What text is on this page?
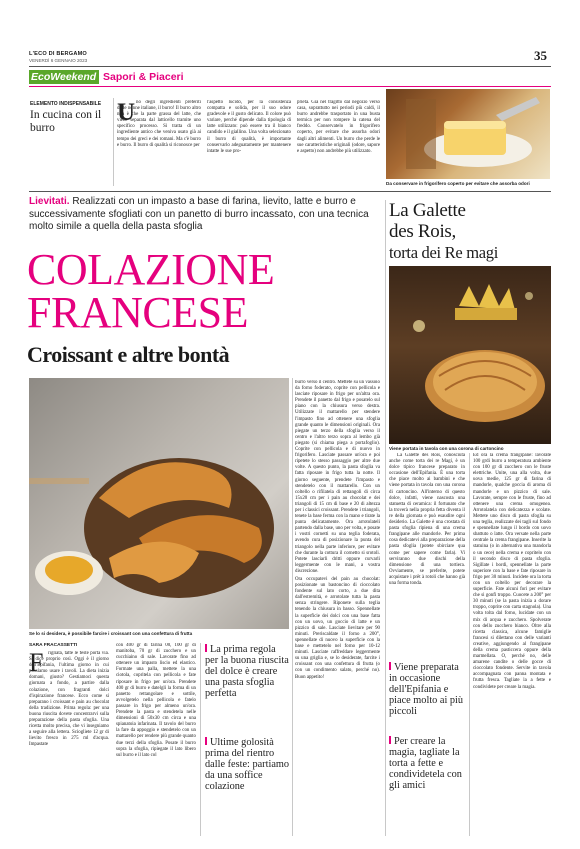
L'ECO DI BERGAMO
VENERDÌ 6 GENNAIO 2023	35
EcoWeekend Sapori & Piaceri
ELEMENTO INDISPENSABILE
In cucina con il burro
U no degli ingredienti preferiti dalle nonne italiane, il burro! Il burro altro non è che la parte grassa del latte, che viene separata dal latticello tramite uno specifico processo. Si tratta di un ingrediente antico che veniva usato già ai tempo dei greci e dei romani. Ma c'è burro e burro. Il burro di qualità si riconosce per

l'aspetto lucido, per la consistenza compatta e solida, per il suo odore gradevole e il gusto delicato. Il colore può variare, perché dipende dalla tipologia di latte utilizzato: può essere tra il bianco candido e il giallino. Una volta selezionato il burro di qualità, è importante conservarlo adeguatamente per mantenere intatte le sue pro-

prietà. Già nel tragitto dal negozio verso casa, soprattutto nei periodi più caldi, il burro andrebbe trasportato in una busta termica per non rompere la catena del freddo. Conservatelo in frigorifero coperto, per evitare che assorba odori dagli altri alimenti. Un burro che perde le sue caratteristiche originali (odore, sapore e aspetto) non andrebbe più utilizzato.

Da conservare in frigorifero coperto per evitare che assorba odori
Lievitati. Realizzati con un impasto a base di farina, lievito, latte e burro e successivamente sfogliati con un panetto di burro incassato, con una tecnica molto simile a quella della pasta sfoglia
COLAZIONE
FRANCESE
Croissant e altre bontà
La Galette
des Rois,
torta dei Re magi
Viene portata in tavola con una corona di cartoncino
Se lo si desidera, è possibile farcire i croissant con una confettura di frutta
SARA FRACASSETTI
F rigliata, tatte le feste porta via. Si dice proprio così. Oggi è il giorno dell'Epifania, l'ultima giorno in cui possiamo usare i tavoli. La dieta inizia domani, giusto? Gestiamoci questa giornata a fondo, a partire dalla colazione, con fragranti dolci d'ispirazione francese. Ecco come si preparano i croissant e pain au chocolat della tradizione. Prima regola: per una buona riuscita dovete concentrarvi sulla preparazione della pasta sfoglia. Una ricetta molto precisa, che vi insegniamo a seguire alla lettera. Sciogliete 12 gr di lievito fresco in 275 ml d'acqua. Impastate

con 400 gr di farina 00, 100 gr di manitoba, 70 gr di zucchero e un cucchiaino di sale. Lavorate fino ad ottenere un impasto liscio ed elastico. Formate una palla, mettete la una ciotola, copritela con pellicola e fate riposare in frigo per un'ora. Prendete 400 gr di burro e datelgli la forma di un panetto rettangolare e sottile, avvolgetelo nella pellicola e fatelo passare in frigo per almeno un'ora. Prendete la pasta e stendetela nelle dimensioni di 50x30 cm circa e una spianatoia infarinata. Il tavolo del burro la fare da appoggio e stendetelo con un mattarello per rendere più grande quanto due terzi della sfoglia. Posate il burro sopra la sfoglia, ripiegate il lato libero sul burro e il lato col

burro verso il centro. Mettete su un vassoio da forno foderato, coprite con pellicola e lasciate riposare in frigo per un'altra ora. Prendete il panetto dal frigo e posatelo sul piano con la chiusura verso destra. Utilizzate il mattarello per stendere l'impasto fino ad ottenere una sfoglia grande quanto le dimensioni originali. Ora piegate un terzo della sfoglia verso il centro e l'altro terzo sopra al lembo già piegato (si chiama piega a portafoglio). Coprite con pellicola e di nuovo in frigorifero. Lasciate passare un'ora e poi ripetete lo stesso passaggio per altre due volte. A questo punto, la pasta sfoglia va fatta riposare in frigo tutta la notte. Il giorno seguente, prendete l'impasto e stendetelo con il mattarello. Con un coltello o rifilatela di rettangoli di circa 15x20 cm per i pain au chocolat e dei triangoli di 15 cm di base e 20 di altezza per i classici croissant. Prendete i triangoli, tenete la base ferma con la mano e tirate la punta delicatamente. Ora arrotolateli partendo dalla base, uno per volta, e posate i vostri cornetti su una teglia foderata, avendo cura di posizionare la punta del triangolo nella parte inferiore, per evitare che durante la cottura il cornetto si srotoli. Potete lasciarli dritti oppure curvarli leggermente con le mani, a vostra discrezione.

Ora occupatevi del pain au chocolat: posizionate un bastoncino di cioccolato fondente sul lato corto, a due dita dall'estremità, e arrotolate tutta la pasta senza stringere. Riponete sulla teglia tenendo la chiusura in basso. Spennellate la superficie dei dolci con una base fatta con un uovo, un goccio di latte e un pizzico di sale. Lasciate lievitare per 90 minuti. Preriscaldate il forno a 200°, spennellate di nuovo la superficie con la base e mettetelo nel forno per 10-12 minuti. Lasciate raffreddare leggermente su una griglia e, se lo desiderate, farcite i croissant con una confettura di frutta (o con un condimento salato, perché no). Buon appetito!

La prima regola per la buona riuscita del dolce è creare una pasta sfoglia perfetta
Ultime golosità prima del rientro dalle feste: partiamo da una soffice colazione

La Galette des Rois, conosciuta anche come torta dei re Magi, è un dolce tipico francese preparato in occasione dell'Epifania. È una torta che piace molto ai bambini e che viene portata in tavola con una corona di cartoncino. All'interno di questo dolce, infatti, viene nascosta una statuetta di ceramica: il fortunato che la troverà nella propria fetta diventa il re della giornata e può esaudire ogni desiderio. La Galette è una crostata di pasta sfoglia ripiena di una crema frangipane alle mandorle. Per prima cosa dedicatevi alla preparazione della pasta sfoglia (potete sbirciare qua come per sapere come farla). Vi serviranno due dischi della dimensione di una tortiera. Ovviamente, se preferite, potete acquistare i prêt à rotoli che hanno già una forma tonda.

Viene preparata in occasione dell'Epifania e piace molto ai più piccoli
Per creare la magia, tagliate la torta a fette e condividetela con gli amici

Ed ora la crema frangipane: lavorate 100 grdi burro a temperatura ambiente con 100 gr di zucchero con le fruste elettriche. Unite, una alla volta, due uova medie, 125 gr di farina di mandorle, qualche goccia di aroma di mandorle e un pizzico di sale. Lavorate, sempre con le fruste, fino ad ottenere una crema omogenea. Arrotolatela con delicatezza e scolate. Mettete uno disco di pasta sfoglia su una teglia, realizzate dei tagli sul fondo e spennellate lungo il bordo con uovo sbattuto o latte. Ora versate nella parte centrale la crema frangipane. Inserite la statuina (o in alternativa una mandorla o un cece) nella crema e copritelo con il secondo disco di pasta sfoglia. Sigillate i bordi, spennellate la parte superiore con la base e fate riposare in frigo per 30 minuti. Incidete ora la torta con un coltello per decorare la superficie. Fate alcuni fori per evitare che si gonfi troppo. Cuocete a 200° per 30 minuti (se la pasta inizia a dorare troppo, coprite con carta stagnola). Una volta tolta dal forno, lucidate con un mix di acqua e zucchero. Spolverate con dello zucchero bianco. Oltre alla ricetta classica, alcune famiglie francesi si dilettano con delle varianti creative, aggiungendo al frangipane della crema pasticcera oppure della marmellata. O, perché no, delle amarene candite o delle gocce di cioccolato fondente. Servite in tavola accompagnata con panna montata e frutta fresca. Tagliate la a fette e condividete per creare la magia.
